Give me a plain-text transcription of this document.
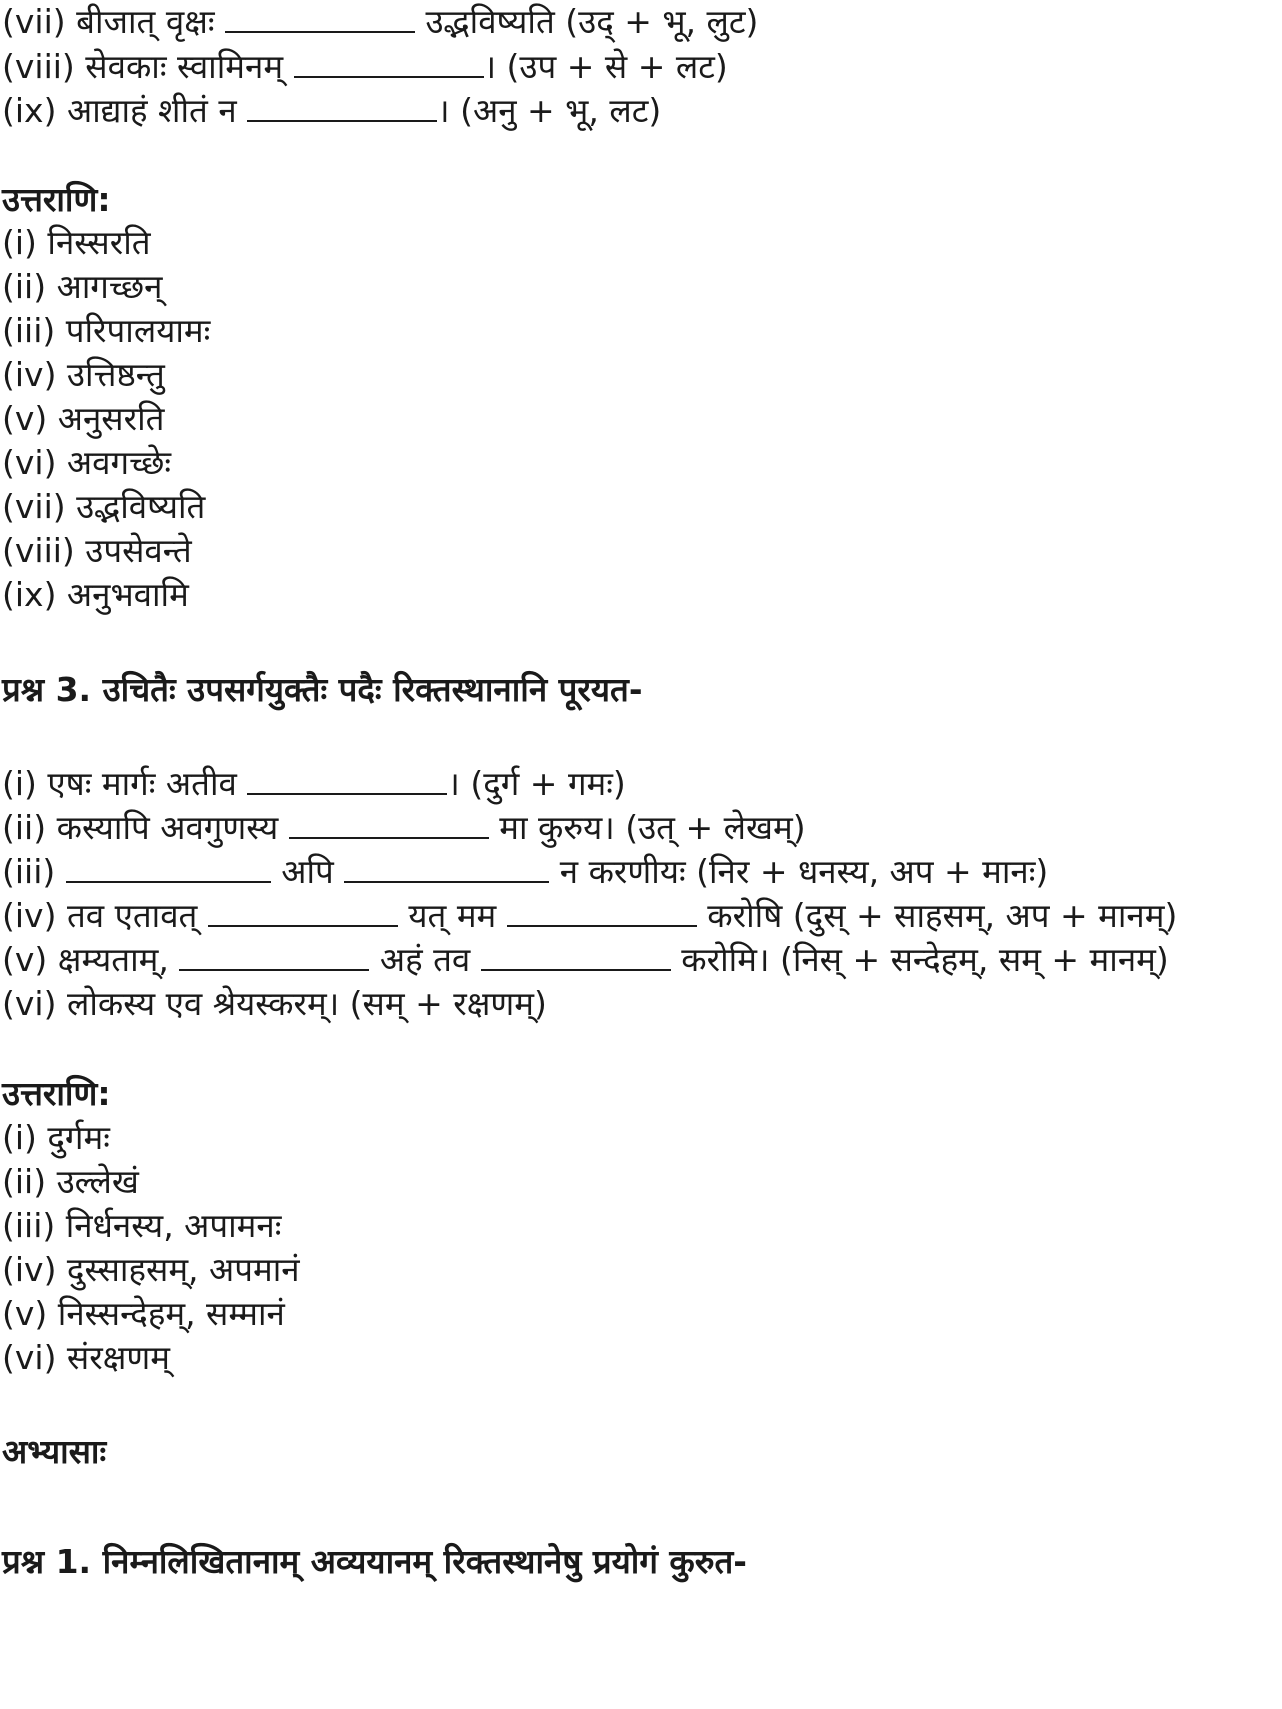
(vii) बीजात् वृक्षः	उद्भविष्यति (उद् + भू, लुट)
(viii) सेवकाः स्वामिनम्	। (उप + से + लट)
(ix) आद्याहं शीतं न	। (अनु + भू, लट)
उत्तराणि:
(i) निस्सरति
(ii) आगच्छन्
(iii) परिपालयामः
(iv) उत्तिष्ठन्तु
(v) अनुसरति
(vi) अवगच्छेः
(vii) उद्भविष्यति
(viii) उपसेवन्ते
(ix) अनुभवामि
प्रश्न 3. उचितैः उपसर्गयुक्तैः पदैः रिक्तस्थानानि पूरयत-
(i) एषः मार्गः अतीव	। (दुर्ग + गमः)
(ii) कस्यापि अवगुणस्य	मा कुरुय। (उत् + लेखम्)
(iii)	अपि	न करणीयः (निर + धनस्य, अप + मानः)
(iv) तव एतावत्	यत् मम	करोषि (दुस् + साहसम्, अप + मानम्)
(v) क्षम्यताम्,	अहं तव	करोमि। (निस् + सन्देहम्, सम् + मानम्)
(vi) लोकस्य एव श्रेयस्करम्। (सम् + रक्षणम्)
उत्तराणि:
(i) दुर्गमः
(ii) उल्लेखं
(iii) निर्धनस्य, अपामनः
(iv) दुस्साहसम्, अपमानं
(v) निस्सन्देहम्, सम्मानं
(vi) संरक्षणम्
अभ्यासाः
प्रश्न 1. निम्नलिखितानाम् अव्ययानम् रिक्तस्थानेषु प्रयोगं कुरुत-
